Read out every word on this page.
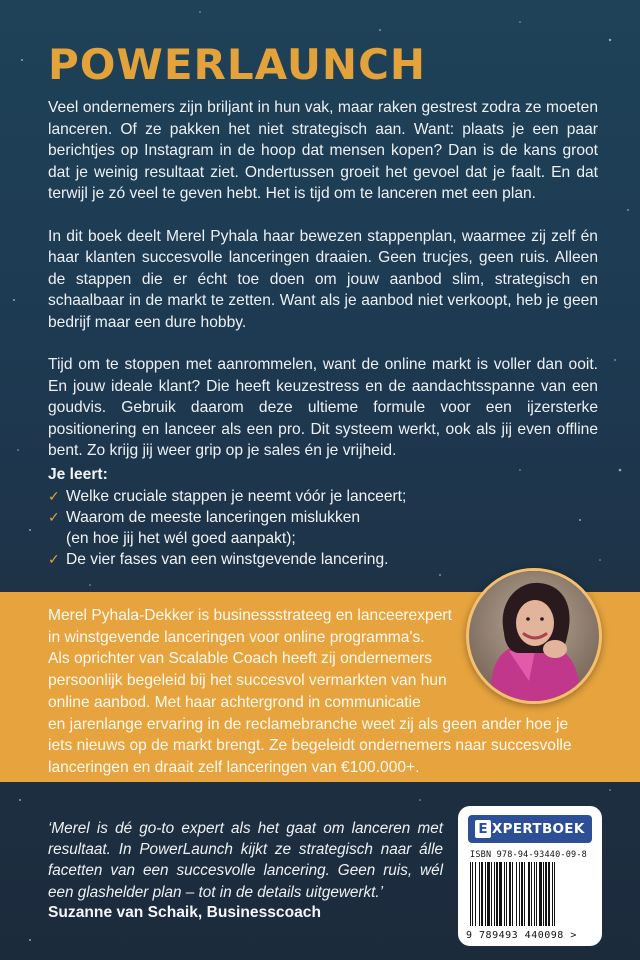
POWERLAUNCH

Veel ondernemers zijn briljant in hun vak, maar raken gestrest zodra ze moeten lanceren. Of ze pakken het niet strategisch aan. Want: plaats je een paar berichtjes op Instagram in de hoop dat mensen kopen? Dan is de kans groot dat je weinig resultaat ziet. Ondertussen groeit het gevoel dat je faalt. En dat terwijl je zó veel te geven hebt. Het is tijd om te lanceren met een plan.

In dit boek deelt Merel Pyhala haar bewezen stappenplan, waarmee zij zelf én haar klanten succesvolle lanceringen draaien. Geen trucjes, geen ruis. Alleen de stappen die er écht toe doen om jouw aanbod slim, strategisch en schaalbaar in de markt te zetten. Want als je aanbod niet verkoopt, heb je geen bedrijf maar een dure hobby.

Tijd om te stoppen met aanrommelen, want de online markt is voller dan ooit. En jouw ideale klant? Die heeft keuzestress en de aandachtsspanne van een goudvis. Gebruik daarom deze ultieme formule voor een ijzersterke positionering en lanceer als een pro. Dit systeem werkt, ook als jij even offline bent. Zo krijg jij weer grip op je sales én je vrijheid.

Je leert:
✓ Welke cruciale stappen je neemt vóór je lanceert;
✓ Waarom de meeste lanceringen mislukken
(en hoe jij het wél goed aanpakt);
✓ De vier fases van een winstgevende lancering.
Merel Pyhala-Dekker is businessstrateeg en lanceerexpert
in winstgevende lanceringen voor online programma's.
Als oprichter van Scalable Coach heeft zij ondernemers
persoonlijk begeleid bij het succesvol vermarkten van hun
online aanbod. Met haar achtergrond in communicatie
en jarenlange ervaring in de reclamebranche weet zij als geen ander hoe je
iets nieuws op de markt brengt. Ze begeleidt ondernemers naar succesvolle
lanceringen en draait zelf lanceringen van €100.000+.

‘Merel is dé go-to expert als het gaat om lanceren met resultaat. In PowerLaunch kijkt ze strategisch naar álle facetten van een succesvolle lancering. Geen ruis, wél een glashelder plan – tot in de details uitgewerkt.’

Suzanne van Schaik, Businesscoach
E XPERTBOEK
ISBN 978-94-93440-09-8
9 789493 440098 >
